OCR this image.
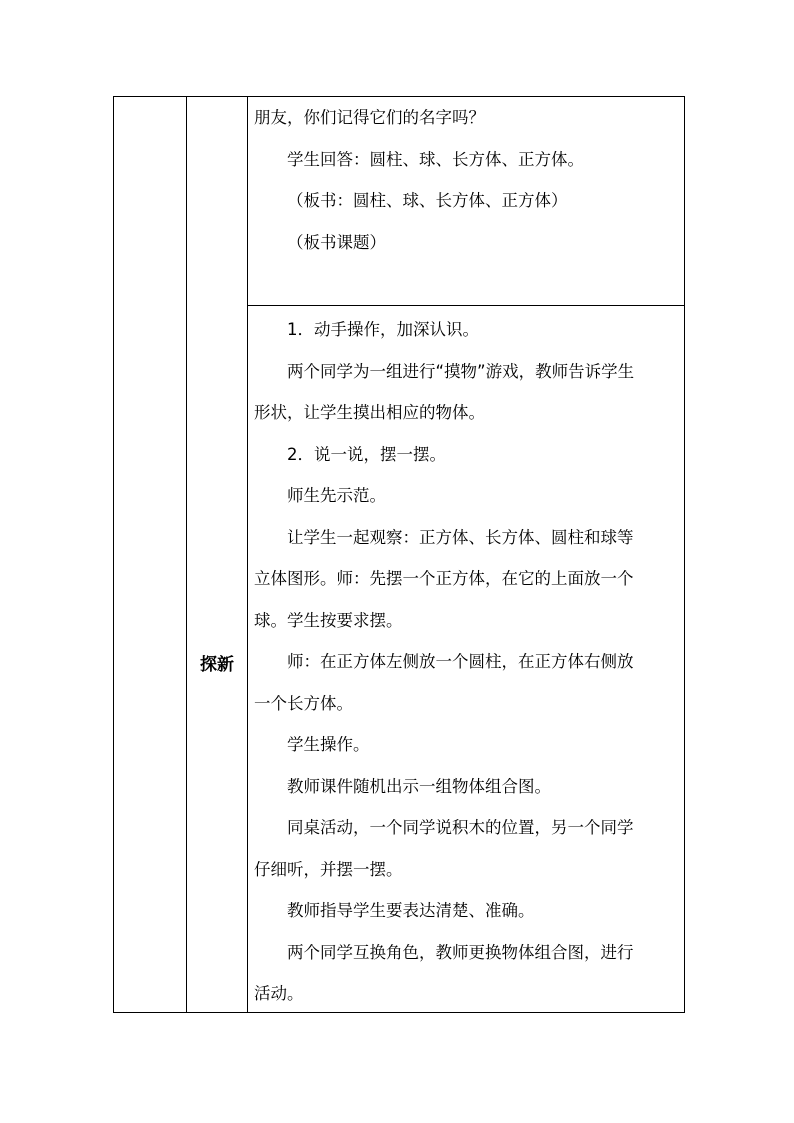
朋友，你们记得它们的名字吗？
学生回答：圆柱、球、长方体、正方体。
（板书：圆柱、球、长方体、正方体）
（板书课题）
探新
1．动手操作，加深认识。
两个同学为一组进行“摸物”游戏，教师告诉学生
形状，让学生摸出相应的物体。
2．说一说，摆一摆。
师生先示范。
让学生一起观察：正方体、长方体、圆柱和球等
立体图形。师：先摆一个正方体，在它的上面放一个
球。学生按要求摆。
师：在正方体左侧放一个圆柱，在正方体右侧放
一个长方体。
学生操作。
教师课件随机出示一组物体组合图。
同桌活动，一个同学说积木的位置，另一个同学
仔细听，并摆一摆。
教师指导学生要表达清楚、准确。
两个同学互换角色，教师更换物体组合图，进行
活动。
